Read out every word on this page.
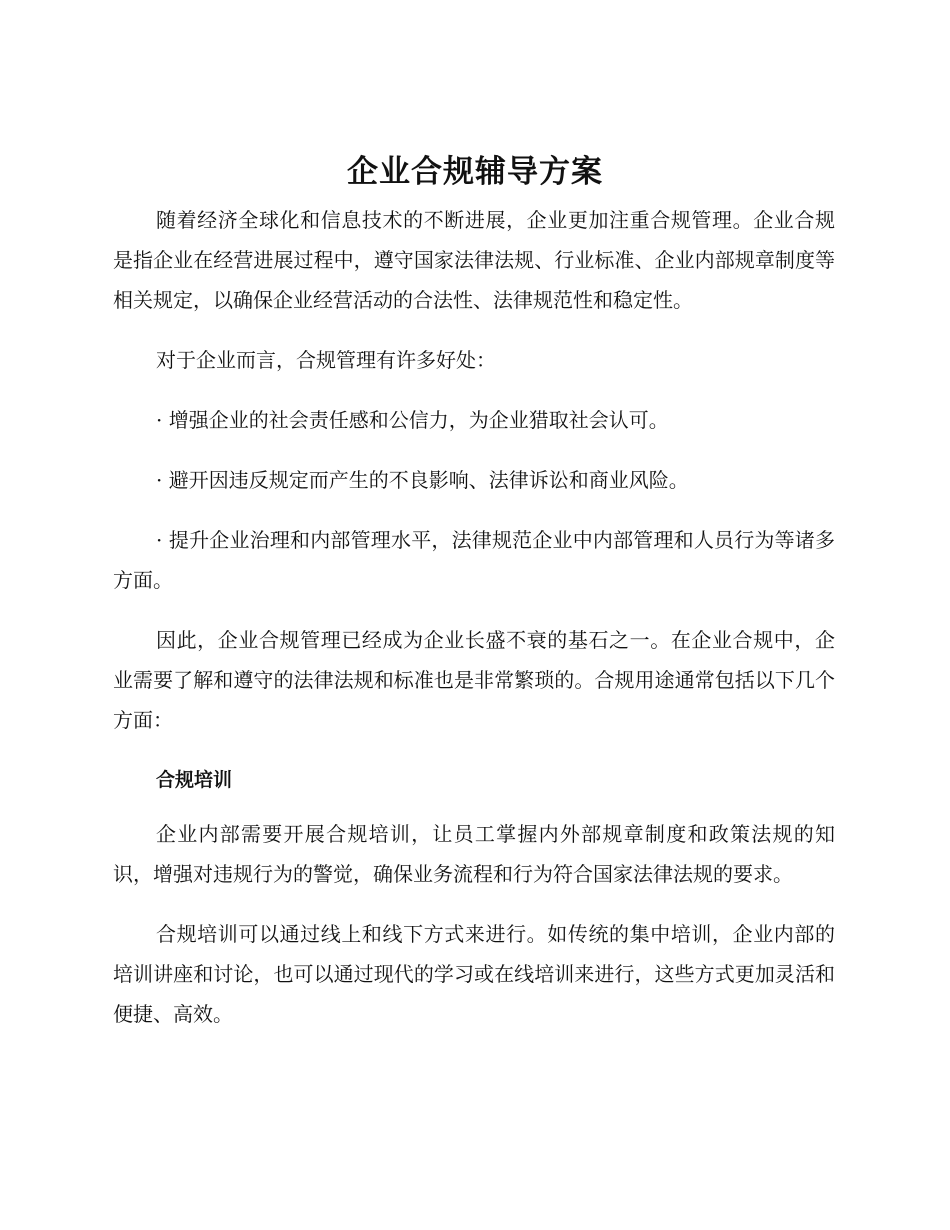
企业合规辅导方案

随着经济全球化和信息技术的不断进展，企业更加注重合规管理。企业合规是指企业在经营进展过程中，遵守国家法律法规、行业标准、企业内部规章制度等相关规定，以确保企业经营活动的合法性、法律规范性和稳定性。

对于企业而言，合规管理有许多好处：

· 增强企业的社会责任感和公信力，为企业猎取社会认可。

· 避开因违反规定而产生的不良影响、法律诉讼和商业风险。

· 提升企业治理和内部管理水平，法律规范企业中内部管理和人员行为等诸多方面。

因此，企业合规管理已经成为企业长盛不衰的基石之一。在企业合规中，企业需要了解和遵守的法律法规和标准也是非常繁琐的。合规用途通常包括以下几个方面：

合规培训

企业内部需要开展合规培训，让员工掌握内外部规章制度和政策法规的知识，增强对违规行为的警觉，确保业务流程和行为符合国家法律法规的要求。

合规培训可以通过线上和线下方式来进行。如传统的集中培训，企业内部的培训讲座和讨论，也可以通过现代的学习或在线培训来进行，这些方式更加灵活和便捷、高效。
